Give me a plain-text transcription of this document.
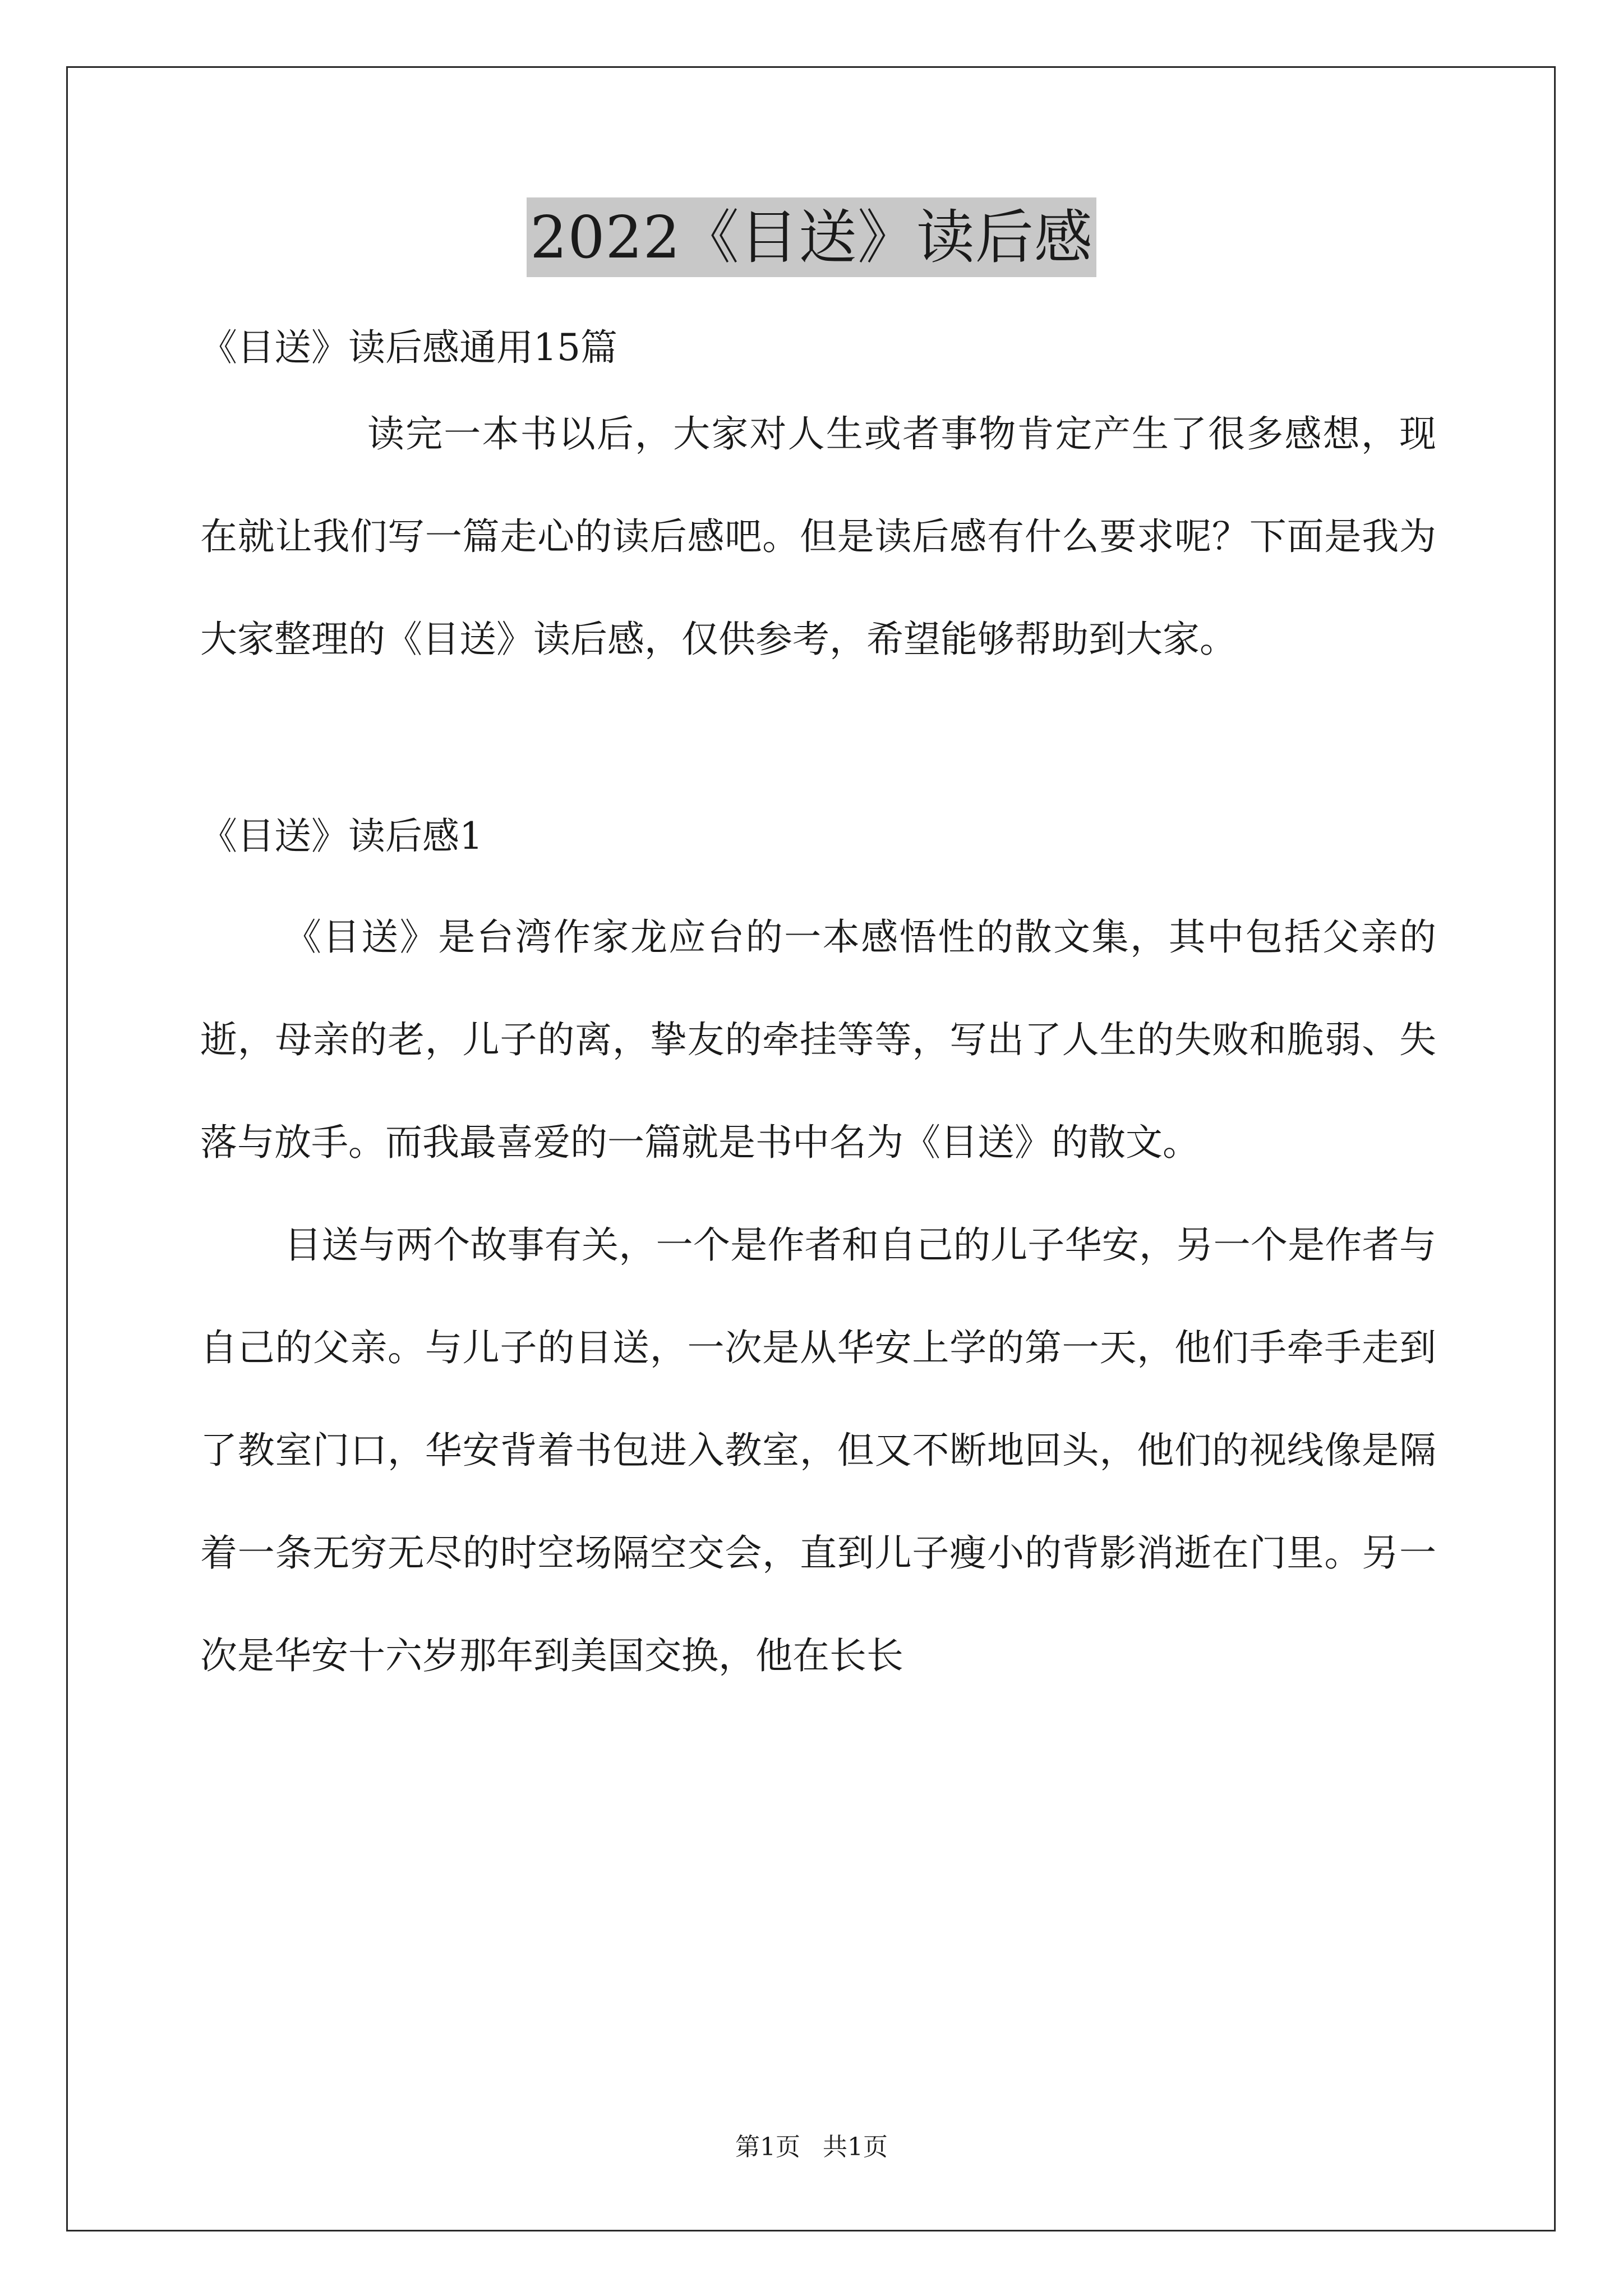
2022《目送》读后感

《目送》读后感通用15篇

读完一本书以后，大家对人生或者事物肯定产生了很多感想，现在就让我们写一篇走心的读后感吧。但是读后感有什么要求呢？下面是我为大家整理的《目送》读后感，仅供参考，希望能够帮助到大家。

《目送》读后感1

《目送》是台湾作家龙应台的一本感悟性的散文集，其中包括父亲的逝，母亲的老，儿子的离，挚友的牵挂等等，写出了人生的失败和脆弱、失落与放手。而我最喜爱的一篇就是书中名为《目送》的散文。

目送与两个故事有关，一个是作者和自己的儿子华安，另一个是作者与自己的父亲。与儿子的目送，一次是从华安上学的第一天，他们手牵手走到了教室门口，华安背着书包进入教室，但又不断地回头，他们的视线像是隔着一条无穷无尽的时空场隔空交会，直到儿子瘦小的背影消逝在门里。另一次是华安十六岁那年到美国交换，他在长长

第1页 共1页
